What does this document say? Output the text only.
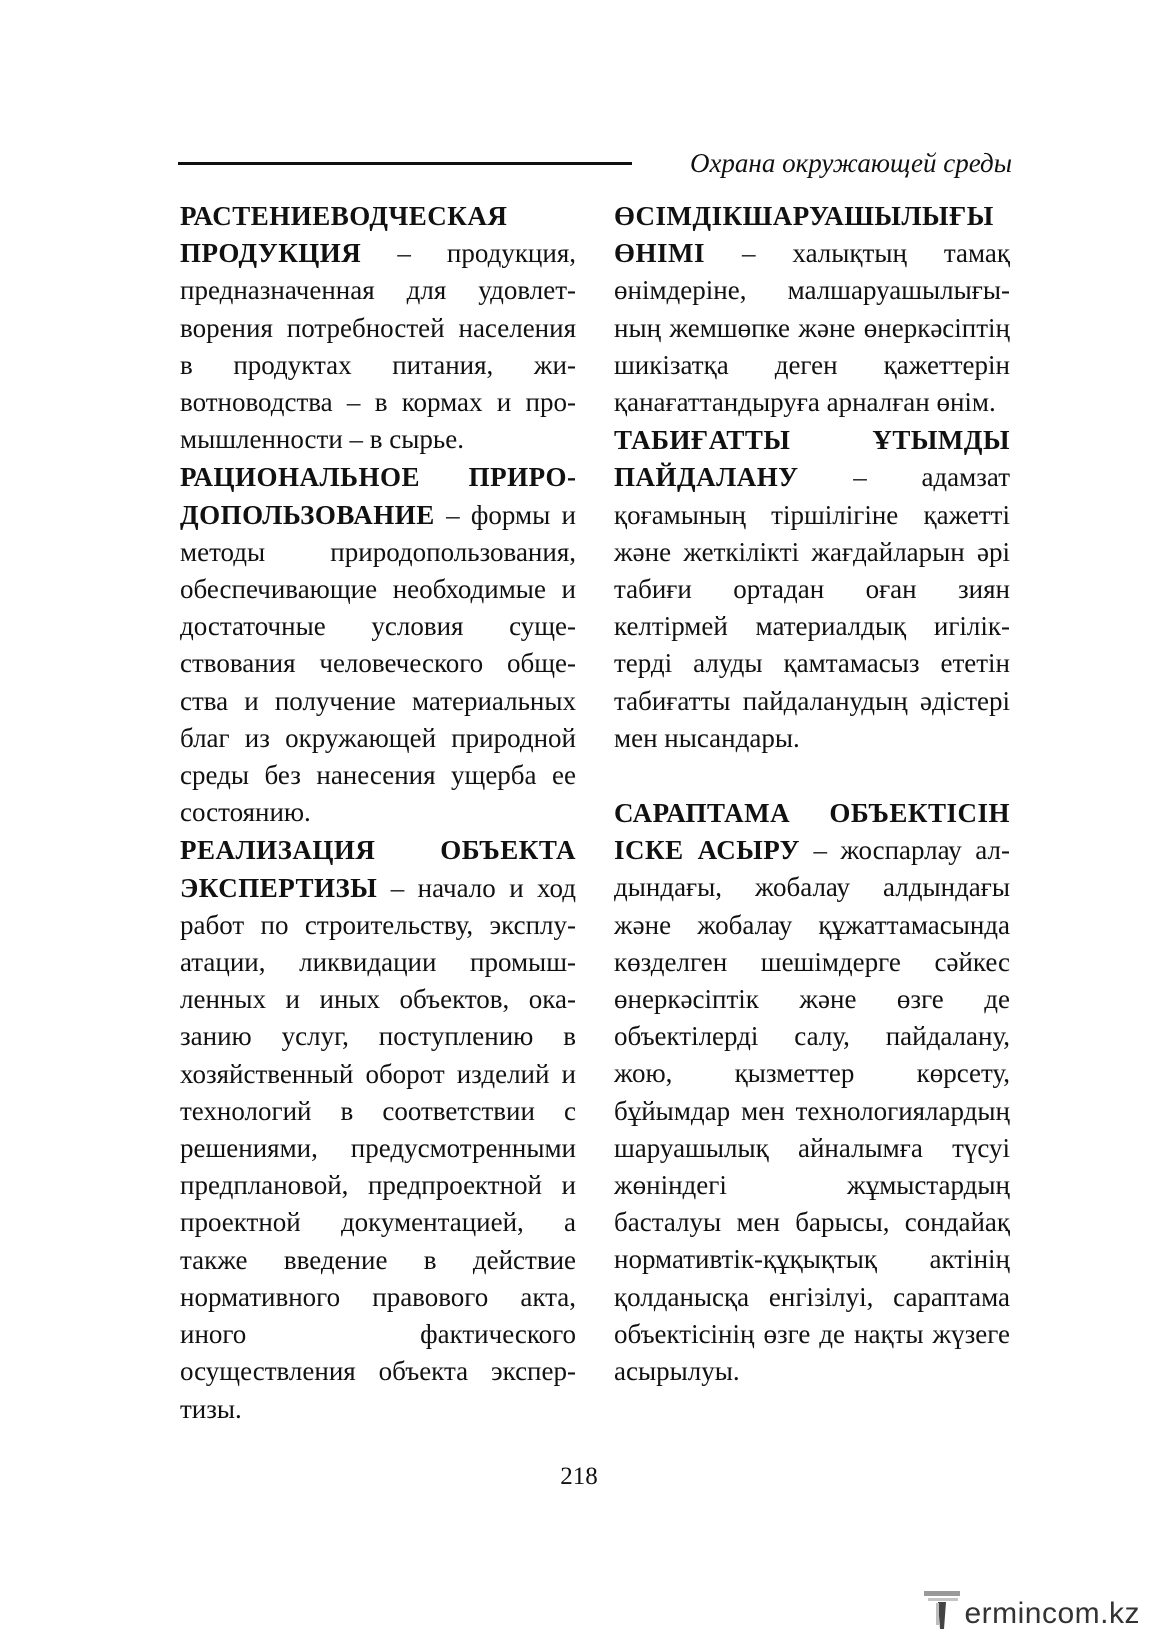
Охрана окружающей среды

РАСТЕНИЕВОДЧЕСКАЯ ПРОДУКЦИЯ – продукция, предназначенная для удовлетворения потребностей населения в продуктах питания, животноводства – в кормах и промышленности – в сырье.

РАЦИОНАЛЬНОЕ ПРИРОДОПОЛЬЗОВАНИЕ – формы и методы природопользования, обеспечивающие необходимые и достаточные условия существования человеческого общества и получение материальных благ из окружающей природной среды без нанесения ущерба ее состоянию.

РЕАЛИЗАЦИЯ ОБЪЕКТА ЭКСПЕРТИЗЫ – начало и ход работ по строительству, эксплуатации, ликвидации промышленных и иных объектов, оказанию услуг, поступлению в хозяйственный оборот изделий и технологий в соответствии с решениями, предусмотренными предплановой, предпроектной и проектной документацией, а также введение в действие нормативного правового акта, иного фактического осуществления объекта экспертизы.

ӨСІМДІКШАРУАШЫЛЫҒЫ ӨНІМІ – халықтың тамақ өнімдеріне, малшаруашылығының жемшөпке және өнеркәсіптің шикізатқа деген қажеттерін қанағаттандыруға арналған өнім.

ТАБИҒАТТЫ ҰТЫМДЫ ПАЙДАЛАНУ – адамзат қоғамының тіршілігіне қажетті және жеткілікті жағдайларын әрі табиғи ортадан оған зиян келтірмей материалдық игіліктерді алуды қамтамасыз ететін табиғатты пайдаланудың әдістері мен нысандары.

САРАПТАМА ОБЪЕКТІСІН ІСКЕ АСЫРУ – жоспарлау алдындағы, жобалау алдындағы және жобалау құжаттамасында көзделген шешімдерге сәйкес өнеркәсіптік және өзге де объектілерді салу, пайдалану, жою, қызметтер көрсету, бұйымдар мен технологиялардың шаруашылық айналымға түсуі жөніндегі жұмыстардың басталуы мен барысы, сондайақ нормативтік-құқықтық актінің қолданысқа енгізілуі, сараптама объектісінің өзге де нақты жүзеге асырылуы.

218
ermincom.kz
